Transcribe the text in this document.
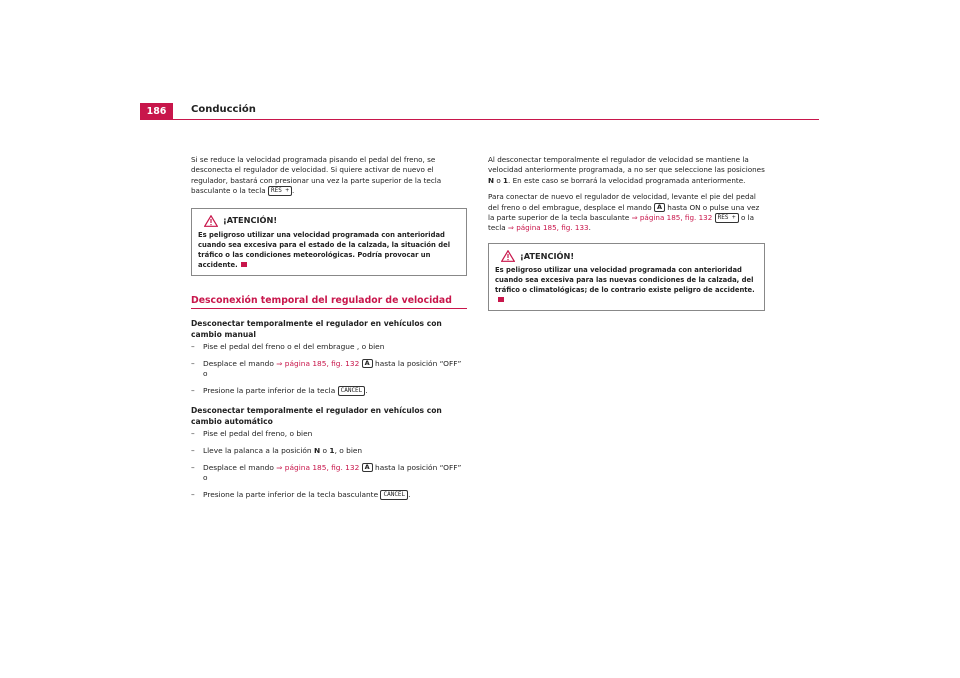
186	Conducción

Si se reduce la velocidad programada pisando el pedal del freno, se desconecta el regulador de velocidad. Si quiere activar de nuevo el regulador, bastará con presionar una vez la parte superior de la tecla basculante o la tecla RES + .

¡ATENCIÓN!
Es peligroso utilizar una velocidad programada con anterioridad cuando sea excesiva para el estado de la calzada, la situación del tráfico o las condiciones meteorológicas. Podría provocar un accidente.
Desconexión temporal del regulador de velocidad
Desconectar temporalmente el regulador en vehículos con cambio manual
–	Pise el pedal del freno o el del embrague , o bien
–	Desplace el mando ⇒ página 185, fig. 132 A hasta la posición “OFF” o
–	Presione la parte inferior de la tecla CANCEL .
Desconectar temporalmente el regulador en vehículos con cambio automático
–	Pise el pedal del freno, o bien
–	Lleve la palanca a la posición N o 1, o bien
–	Desplace el mando ⇒ página 185, fig. 132 A hasta la posición “OFF” o
–	Presione la parte inferior de la tecla basculante CANCEL .

Al desconectar temporalmente el regulador de velocidad se mantiene la velocidad anteriormente programada, a no ser que seleccione las posiciones N o 1. En este caso se borrará la velocidad programada anteriormente.

Para conectar de nuevo el regulador de velocidad, levante el pie del pedal del freno o del embrague, desplace el mando A hasta ON o pulse una vez la parte superior de la tecla basculante ⇒ página 185, fig. 132 RES + o la tecla ⇒ página 185, fig. 133.

¡ATENCIÓN!
Es peligroso utilizar una velocidad programada con anterioridad cuando sea excesiva para las nuevas condiciones de la calzada, del tráfico o climatológicas; de lo contrario existe peligro de accidente.
